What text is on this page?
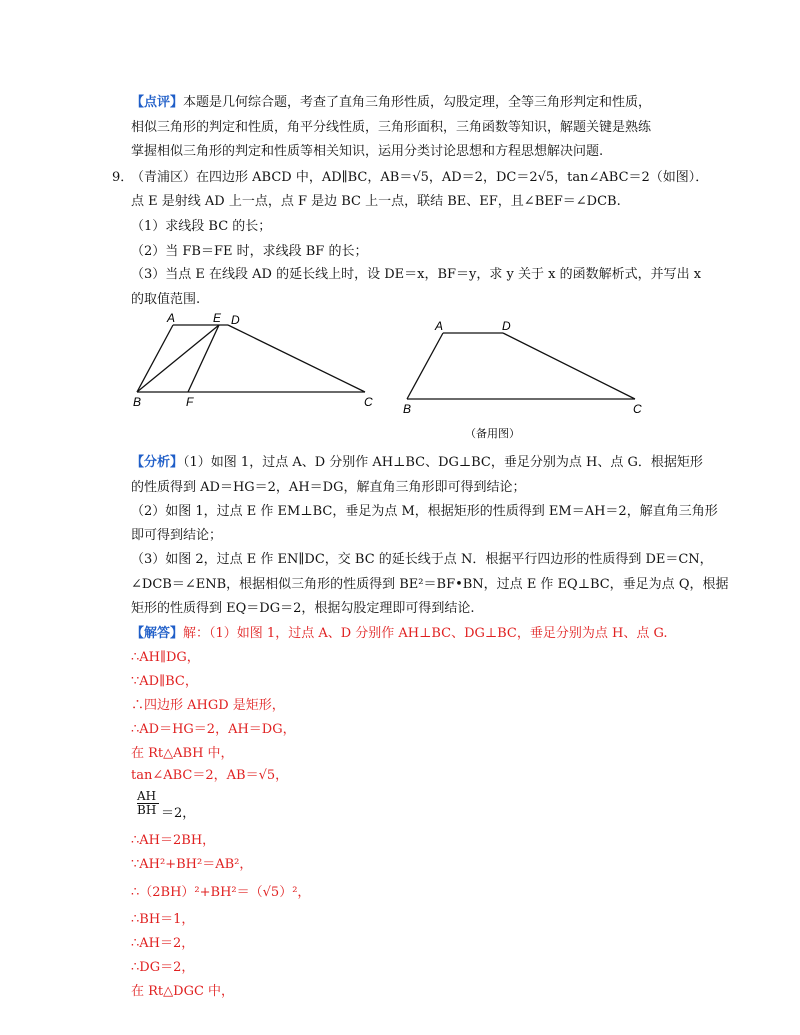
【点评】本题是几何综合题，考查了直角三角形性质，勾股定理，全等三角形判定和性质，
相似三角形的判定和性质，角平分线性质，三角形面积，三角函数等知识，解题关键是熟练
掌握相似三角形的判定和性质等相关知识，运用分类讨论思想和方程思想解决问题.
9．
（青浦区）在四边形 ABCD 中，AD∥BC，AB＝√5，AD＝2，DC＝2√5，tan∠ABC＝2（如图）．
点 E 是射线 AD 上一点，点 F 是边 BC 上一点，联结 BE、EF，且∠BEF＝∠DCB.
（1）求线段 BC 的长；
（2）当 FB＝FE 时，求线段 BF 的长；
（3）当点 E 在线段 AD 的延长线上时，设 DE＝x，BF＝y，求 y 关于 x 的函数解析式，并写出 x
的取值范围.
A	E D
B	F	C
A	D
B	C
（备用图）
【分析】（1）如图 1，过点 A、D 分别作 AH⊥BC、DG⊥BC，垂足分别为点 H、点 G．根据矩形
的性质得到 AD＝HG＝2，AH＝DG，解直角三角形即可得到结论；
（2）如图 1，过点 E 作 EM⊥BC，垂足为点 M，根据矩形的性质得到 EM＝AH＝2，解直角三角形
即可得到结论；
（3）如图 2，过点 E 作 EN∥DC，交 BC 的延长线于点 N．根据平行四边形的性质得到 DE＝CN，
∠DCB＝∠ENB，根据相似三角形的性质得到 BE²＝BF•BN，过点 E 作 EQ⊥BC，垂足为点 Q，根据
矩形的性质得到 EQ＝DG＝2，根据勾股定理即可得到结论.
【解答】解：（1）如图 1，过点 A、D 分别作 AH⊥BC、DG⊥BC，垂足分别为点 H、点 G.
∴AH∥DG，
∵AD∥BC，
∴四边形 AHGD 是矩形，
∴AD＝HG＝2，AH＝DG，
在 Rt△ABH 中，
tan∠ABC＝2，AB＝√5，
AH
BH ＝2，
∴AH＝2BH，
∵AH²+BH²＝AB²，
∴（2BH）²+BH²＝（√5）²，
∴BH＝1，
∴AH＝2，
∴DG＝2，
在 Rt△DGC 中，
